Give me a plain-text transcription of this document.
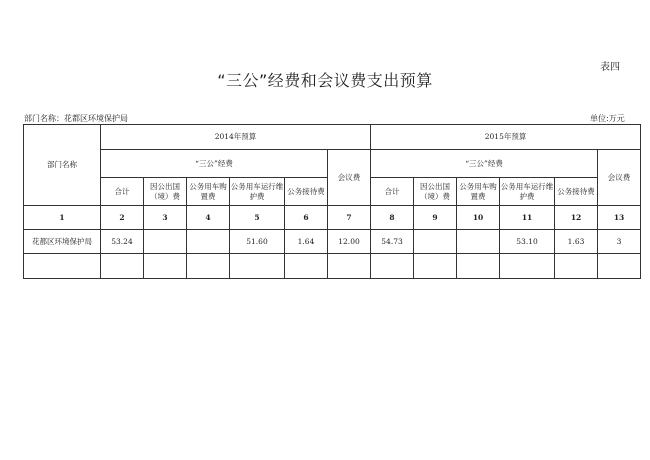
表四
“三公”经费和会议费支出预算
部门名称：花都区环境保护局	单位:万元
部门名称	2014年预算						2015年预算					
	“三公”经费					会议费	“三公”经费					会议费
	合计	因公出国（境）费	公务用车购置费	公务用车运行维护费	公务接待费		合计	因公出国（境）费	公务用车购置费	公务用车运行维护费	公务接待费	
1	2	3	4	5	6	7	8	9	10	11	12	13
花都区环境保护局	53.24			51.60	1.64	12.00	54.73			53.10	1.63	3
